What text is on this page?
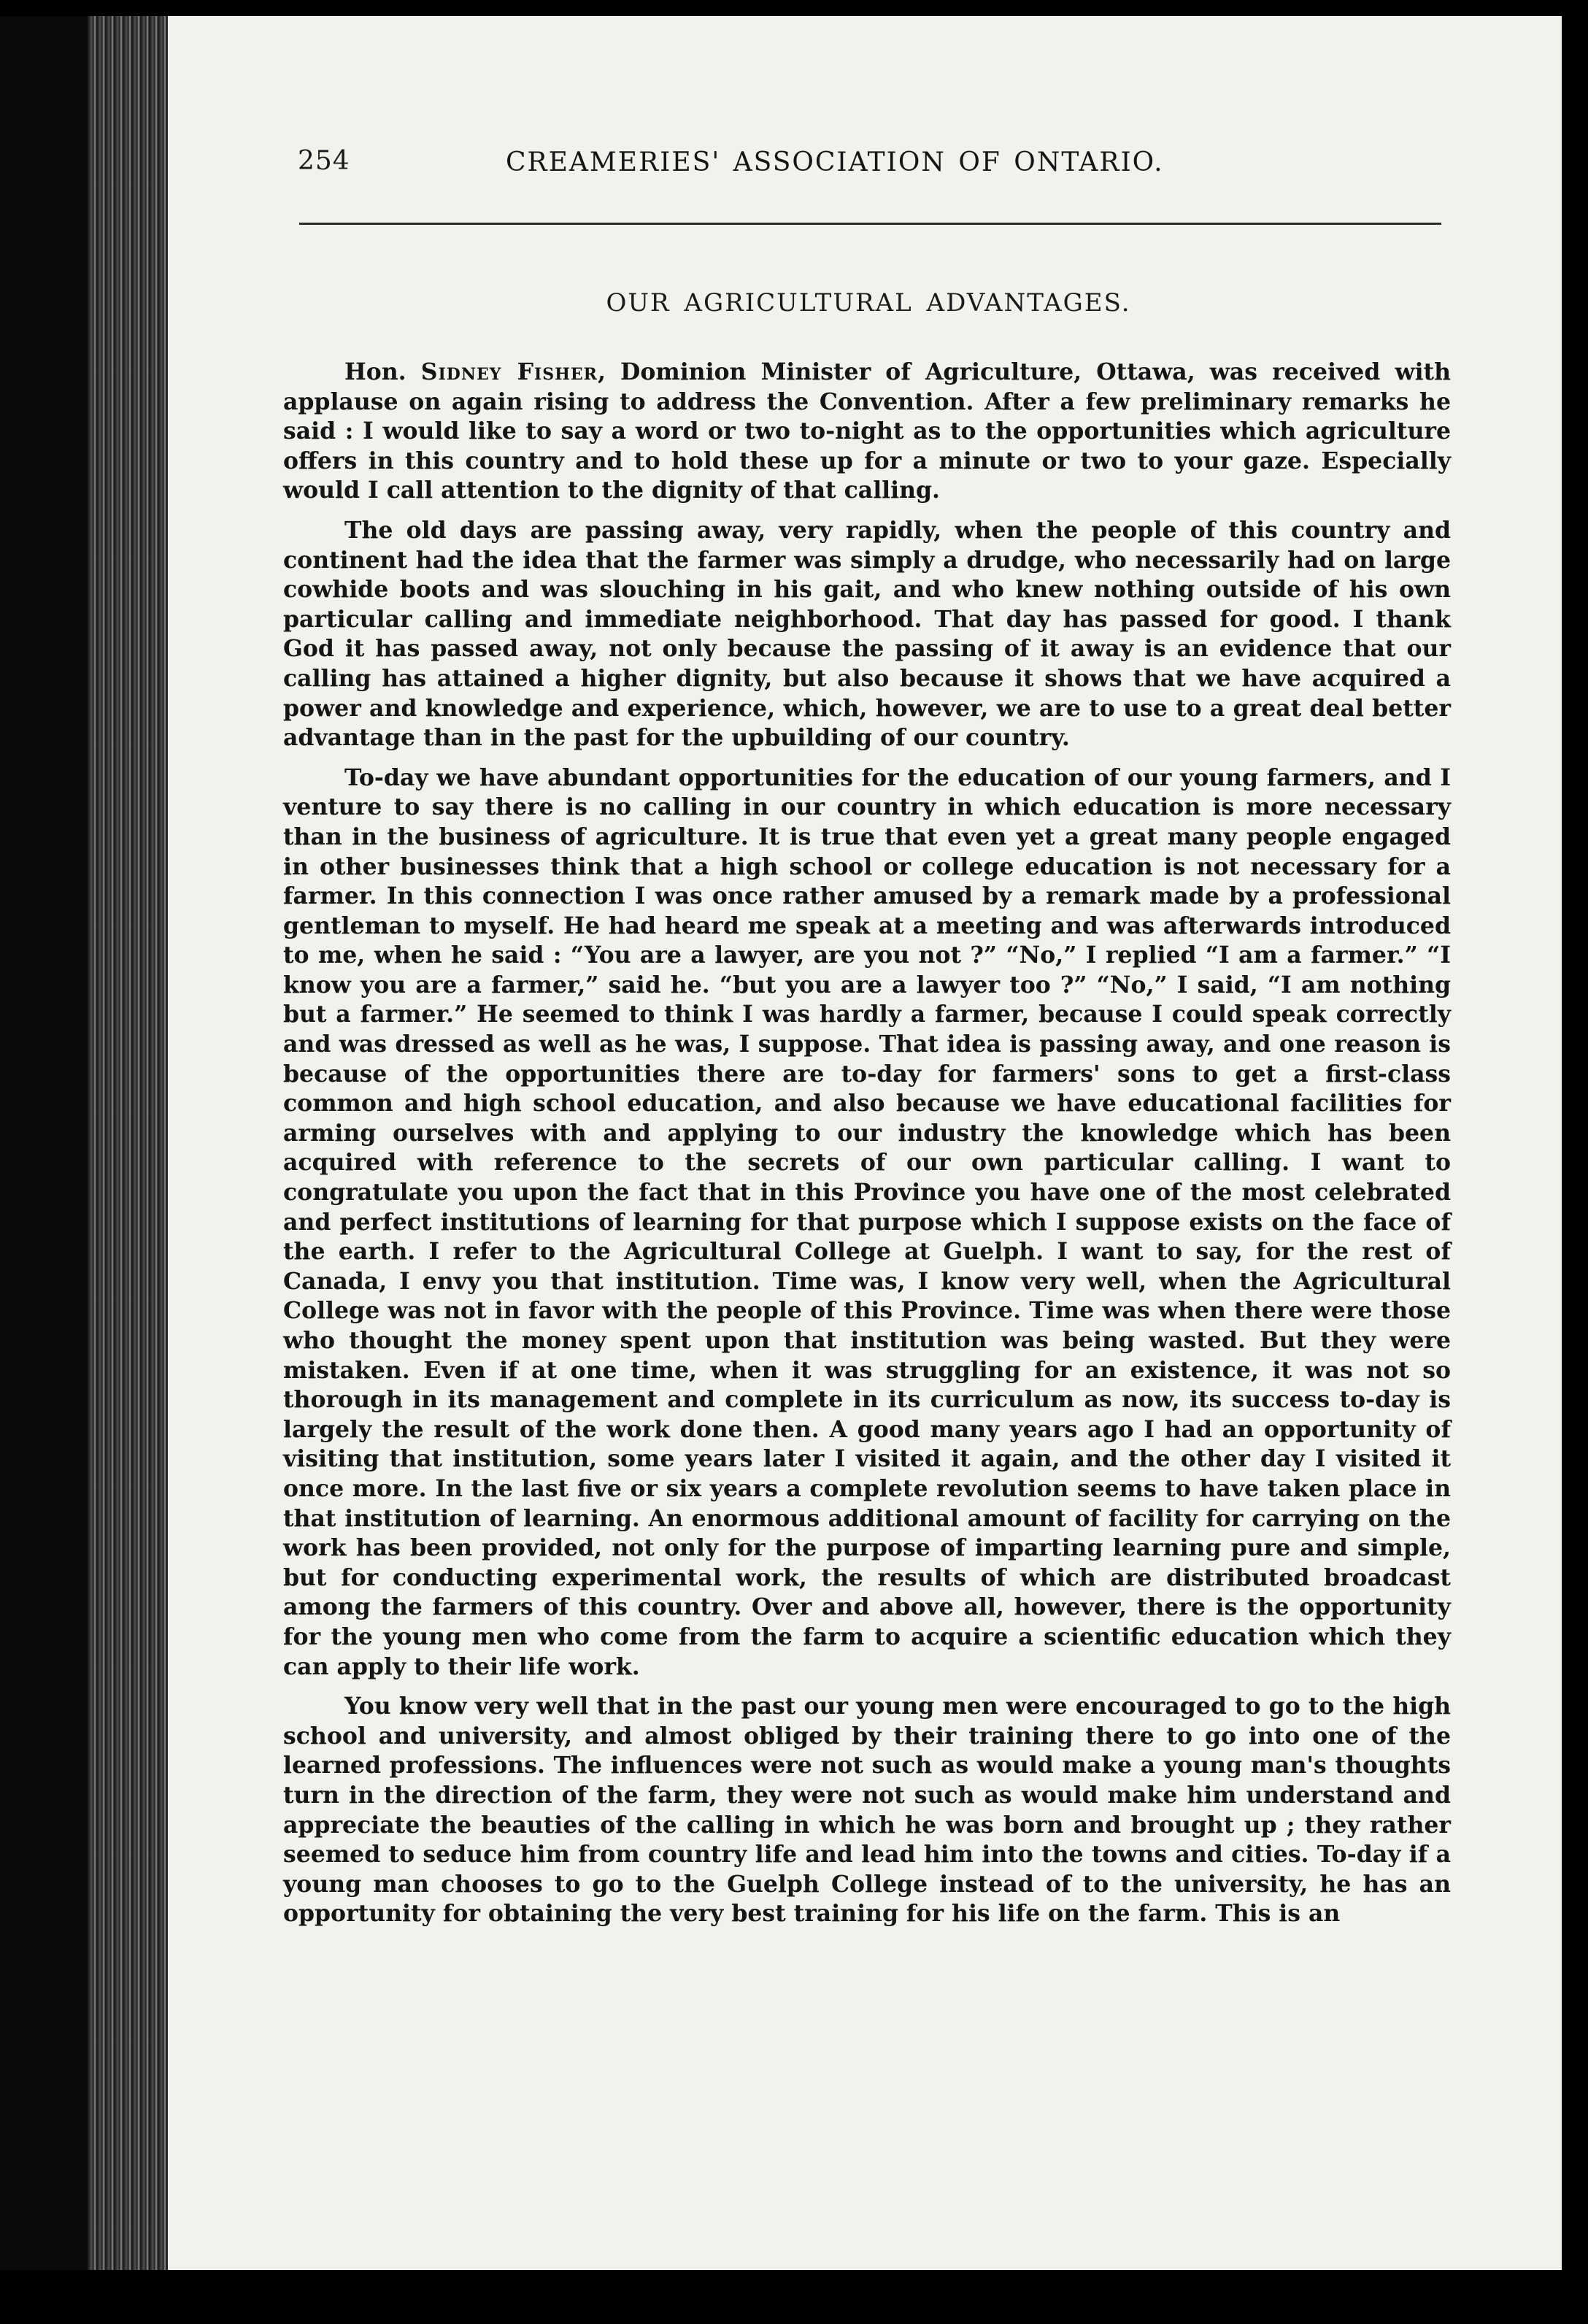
254	CREAMERIES' ASSOCIATION OF ONTARIO.
OUR AGRICULTURAL ADVANTAGES.

Hon. Sidney Fisher, Dominion Minister of Agriculture, Ottawa, was received with applause on again rising to address the Convention. After a few preliminary remarks he said : I would like to say a word or two to-night as to the opportunities which agriculture offers in this country and to hold these up for a minute or two to your gaze. Especially would I call attention to the dignity of that calling.

The old days are passing away, very rapidly, when the people of this country and continent had the idea that the farmer was simply a drudge, who necessarily had on large cowhide boots and was slouching in his gait, and who knew nothing outside of his own particular calling and immediate neighborhood. That day has passed for good. I thank God it has passed away, not only because the passing of it away is an evidence that our calling has attained a higher dignity, but also because it shows that we have acquired a power and knowledge and experience, which, however, we are to use to a great deal better advantage than in the past for the upbuilding of our country.

To-day we have abundant opportunities for the education of our young farmers, and I venture to say there is no calling in our country in which education is more necessary than in the business of agriculture. It is true that even yet a great many people engaged in other businesses think that a high school or college education is not necessary for a farmer. In this connection I was once rather amused by a remark made by a professional gentleman to myself. He had heard me speak at a meeting and was afterwards introduced to me, when he said : “You are a lawyer, are you not ?” “No,” I replied “I am a farmer.” “I know you are a farmer,” said he. “but you are a lawyer too ?” “No,” I said, “I am nothing but a farmer.” He seemed to think I was hardly a farmer, because I could speak correctly and was dressed as well as he was, I suppose. That idea is passing away, and one reason is because of the opportunities there are to-day for farmers' sons to get a first-class common and high school education, and also because we have educational facilities for arming ourselves with and applying to our industry the knowledge which has been acquired with reference to the secrets of our own particular calling. I want to congratulate you upon the fact that in this Province you have one of the most celebrated and perfect institutions of learning for that purpose which I suppose exists on the face of the earth. I refer to the Agricultural College at Guelph. I want to say, for the rest of Canada, I envy you that institution. Time was, I know very well, when the Agricultural College was not in favor with the people of this Province. Time was when there were those who thought the money spent upon that institution was being wasted. But they were mistaken. Even if at one time, when it was struggling for an existence, it was not so thorough in its management and complete in its curriculum as now, its success to-day is largely the result of the work done then. A good many years ago I had an opportunity of visiting that institution, some years later I visited it again, and the other day I visited it once more. In the last five or six years a complete revolution seems to have taken place in that institution of learning. An enormous additional amount of facility for carrying on the work has been provided, not only for the purpose of imparting learning pure and simple, but for conducting experimental work, the results of which are distributed broadcast among the farmers of this country. Over and above all, however, there is the opportunity for the young men who come from the farm to acquire a scientific education which they can apply to their life work.

You know very well that in the past our young men were encouraged to go to the high school and university, and almost obliged by their training there to go into one of the learned professions. The influences were not such as would make a young man's thoughts turn in the direction of the farm, they were not such as would make him understand and appreciate the beauties of the calling in which he was born and brought up ; they rather seemed to seduce him from country life and lead him into the towns and cities. To-day if a young man chooses to go to the Guelph College instead of to the university, he has an opportunity for obtaining the very best training for his life on the farm. This is an
